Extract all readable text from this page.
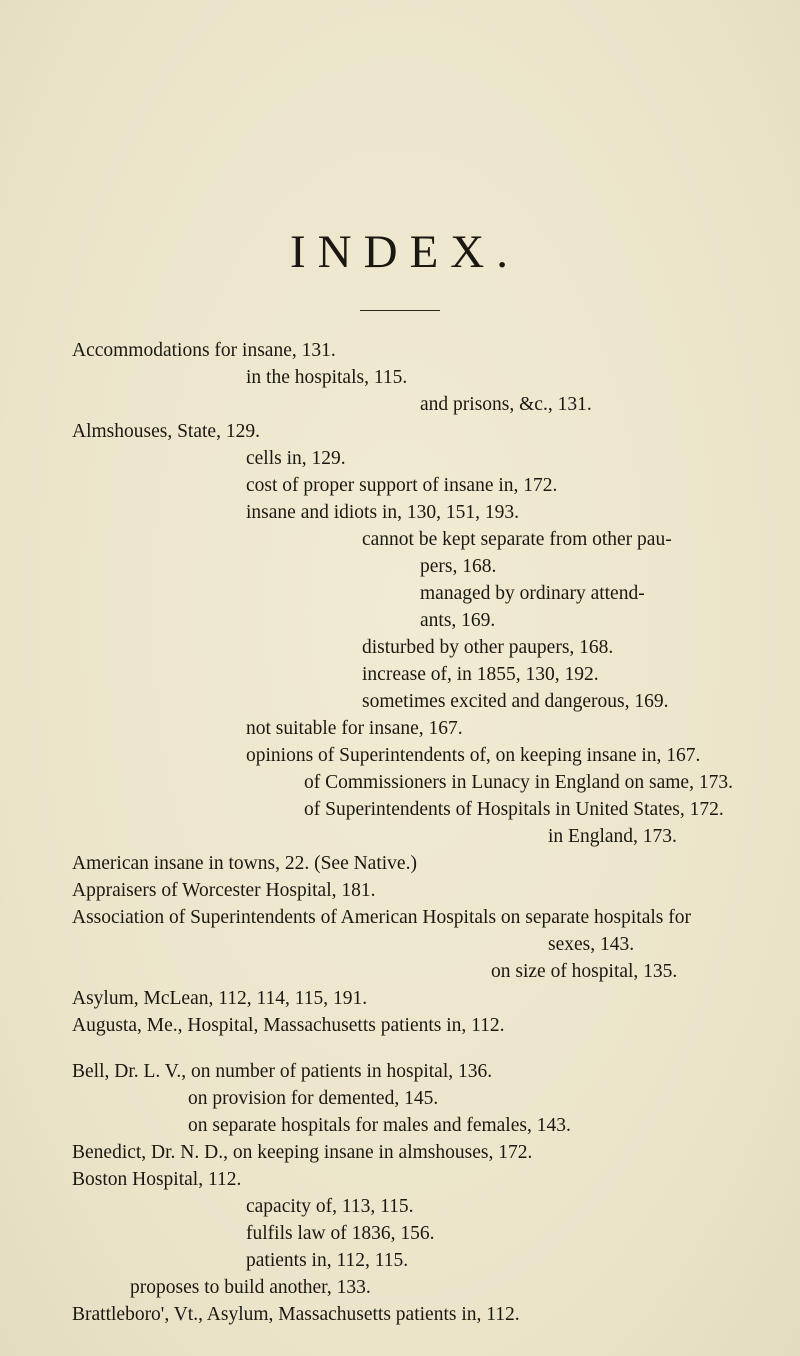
INDEX.
Accommodations for insane, 131.
in the hospitals, 115.
and prisons, &c., 131.
Almshouses, State, 129.
cells in, 129.
cost of proper support of insane in, 172.
insane and idiots in, 130, 151, 193.
cannot be kept separate from other pau-
pers, 168.
managed by ordinary attend-
ants, 169.
disturbed by other paupers, 168.
increase of, in 1855, 130, 192.
sometimes excited and dangerous, 169.
not suitable for insane, 167.
opinions of Superintendents of, on keeping insane in, 167.
of Commissioners in Lunacy in England on same, 173.
of Superintendents of Hospitals in United States, 172.
in England, 173.
American insane in towns, 22. (See Native.)
Appraisers of Worcester Hospital, 181.
Association of Superintendents of American Hospitals on separate hospitals for
sexes, 143.
on size of hospital, 135.
Asylum, McLean, 112, 114, 115, 191.
Augusta, Me., Hospital, Massachusetts patients in, 112.
Bell, Dr. L. V., on number of patients in hospital, 136.
on provision for demented, 145.
on separate hospitals for males and females, 143.
Benedict, Dr. N. D., on keeping insane in almshouses, 172.
Boston Hospital, 112.
capacity of, 113, 115.
fulfils law of 1836, 156.
patients in, 112, 115.
proposes to build another, 133.
Brattleboro', Vt., Asylum, Massachusetts patients in, 112.
